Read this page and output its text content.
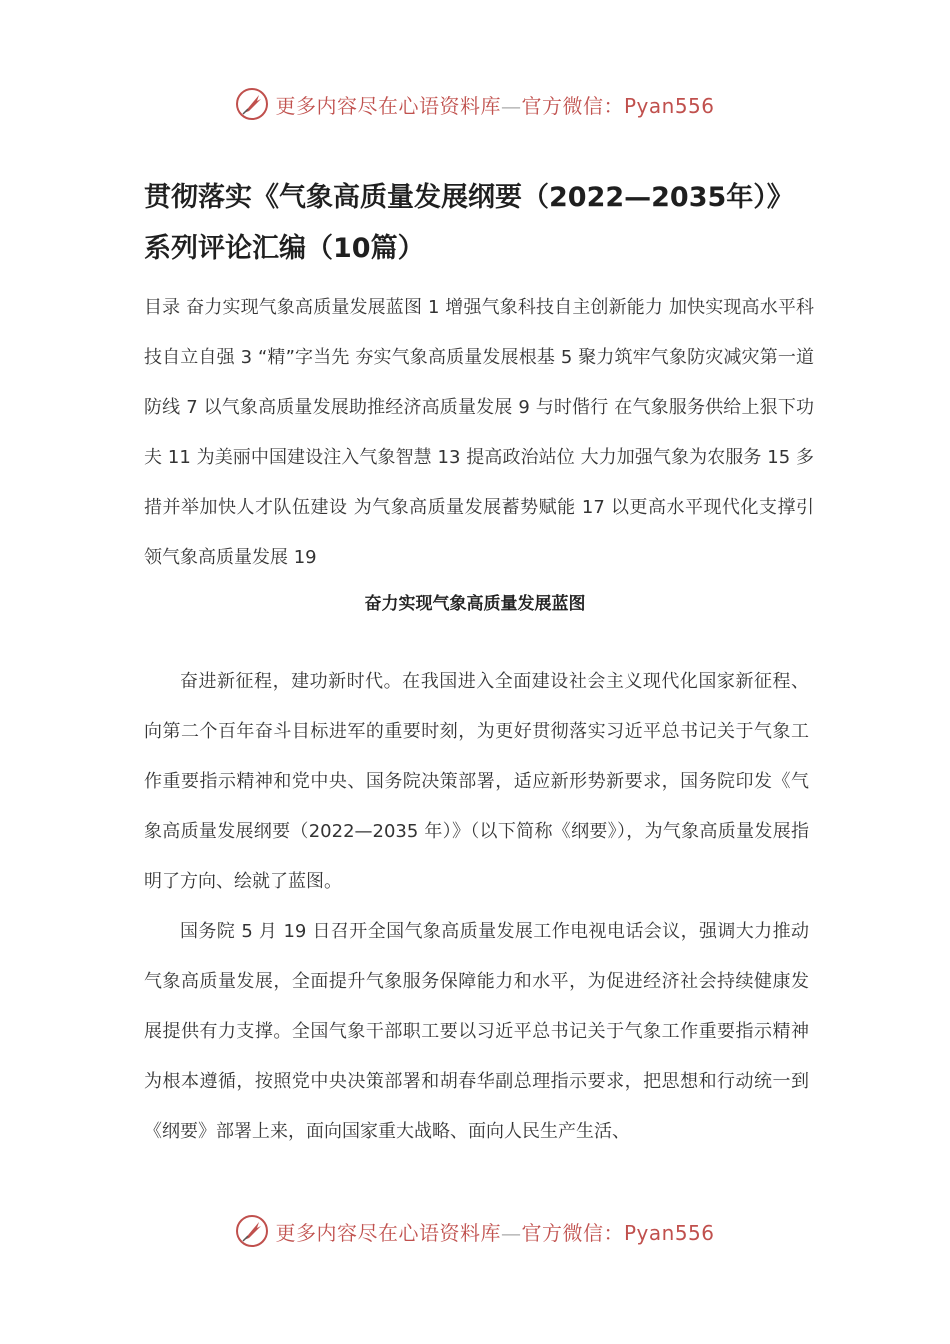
更多内容尽在心语资料库—官方微信：Pyan556
贯彻落实《气象高质量发展纲要（2022—2035年）》系列评论汇编（10篇）

目录 奋力实现气象高质量发展蓝图 1 增强气象科技自主创新能力 加快实现高水平科技自立自强 3 “精”字当先 夯实气象高质量发展根基 5 聚力筑牢气象防灾减灾第一道防线 7 以气象高质量发展助推经济高质量发展 9 与时偕行 在气象服务供给上狠下功夫 11 为美丽中国建设注入气象智慧 13 提高政治站位 大力加强气象为农服务 15 多措并举加快人才队伍建设 为气象高质量发展蓄势赋能 17 以更高水平现代化支撑引领气象高质量发展 19

奋力实现气象高质量发展蓝图

奋进新征程，建功新时代。在我国进入全面建设社会主义现代化国家新征程、向第二个百年奋斗目标进军的重要时刻，为更好贯彻落实习近平总书记关于气象工作重要指示精神和党中央、国务院决策部署，适应新形势新要求，国务院印发《气象高质量发展纲要（2022—2035 年）》（以下简称《纲要》），为气象高质量发展指明了方向、绘就了蓝图。

国务院 5 月 19 日召开全国气象高质量发展工作电视电话会议，强调大力推动气象高质量发展，全面提升气象服务保障能力和水平，为促进经济社会持续健康发展提供有力支撑。全国气象干部职工要以习近平总书记关于气象工作重要指示精神为根本遵循，按照党中央决策部署和胡春华副总理指示要求，把思想和行动统一到《纲要》部署上来，面向国家重大战略、面向人民生产生活、

更多内容尽在心语资料库—官方微信：Pyan556
